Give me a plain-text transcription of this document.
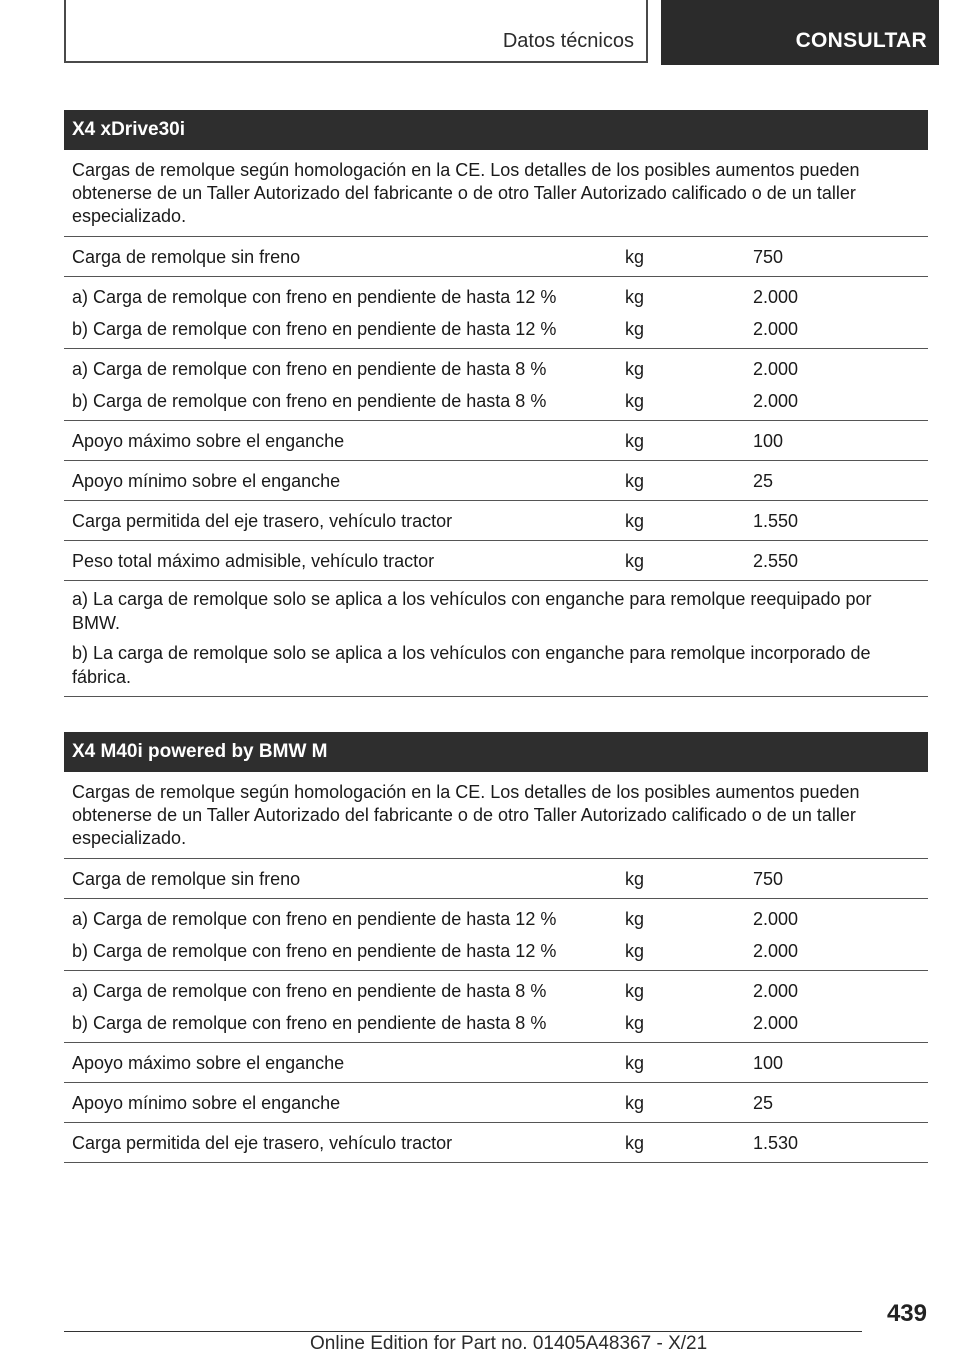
Datos técnicos	CONSULTAR
X4 xDrive30i
Cargas de remolque según homologación en la CE. Los detalles de los posibles aumentos pueden obtenerse de un Taller Autorizado del fabricante o de otro Taller Autorizado calificado o de un taller especializado.
Carga de remolque sin freno	kg	750
a) Carga de remolque con freno en pendiente de hasta 12 %	kg	2.000
b) Carga de remolque con freno en pendiente de hasta 12 %	kg	2.000
a) Carga de remolque con freno en pendiente de hasta 8 %	kg	2.000
b) Carga de remolque con freno en pendiente de hasta 8 %	kg	2.000
Apoyo máximo sobre el enganche	kg	100
Apoyo mínimo sobre el enganche	kg	25
Carga permitida del eje trasero, vehículo tractor	kg	1.550
Peso total máximo admisible, vehículo tractor	kg	2.550

a) La carga de remolque solo se aplica a los vehículos con enganche para remolque reequipado por BMW.

b) La carga de remolque solo se aplica a los vehículos con enganche para remolque incorporado de fábrica.

X4 M40i powered by BMW M
Cargas de remolque según homologación en la CE. Los detalles de los posibles aumentos pueden obtenerse de un Taller Autorizado del fabricante o de otro Taller Autorizado calificado o de un taller especializado.
Carga de remolque sin freno	kg	750
a) Carga de remolque con freno en pendiente de hasta 12 %	kg	2.000
b) Carga de remolque con freno en pendiente de hasta 12 %	kg	2.000
a) Carga de remolque con freno en pendiente de hasta 8 %	kg	2.000
b) Carga de remolque con freno en pendiente de hasta 8 %	kg	2.000
Apoyo máximo sobre el enganche	kg	100
Apoyo mínimo sobre el enganche	kg	25
Carga permitida del eje trasero, vehículo tractor	kg	1.530
439
Online Edition for Part no. 01405A48367 - X/21
